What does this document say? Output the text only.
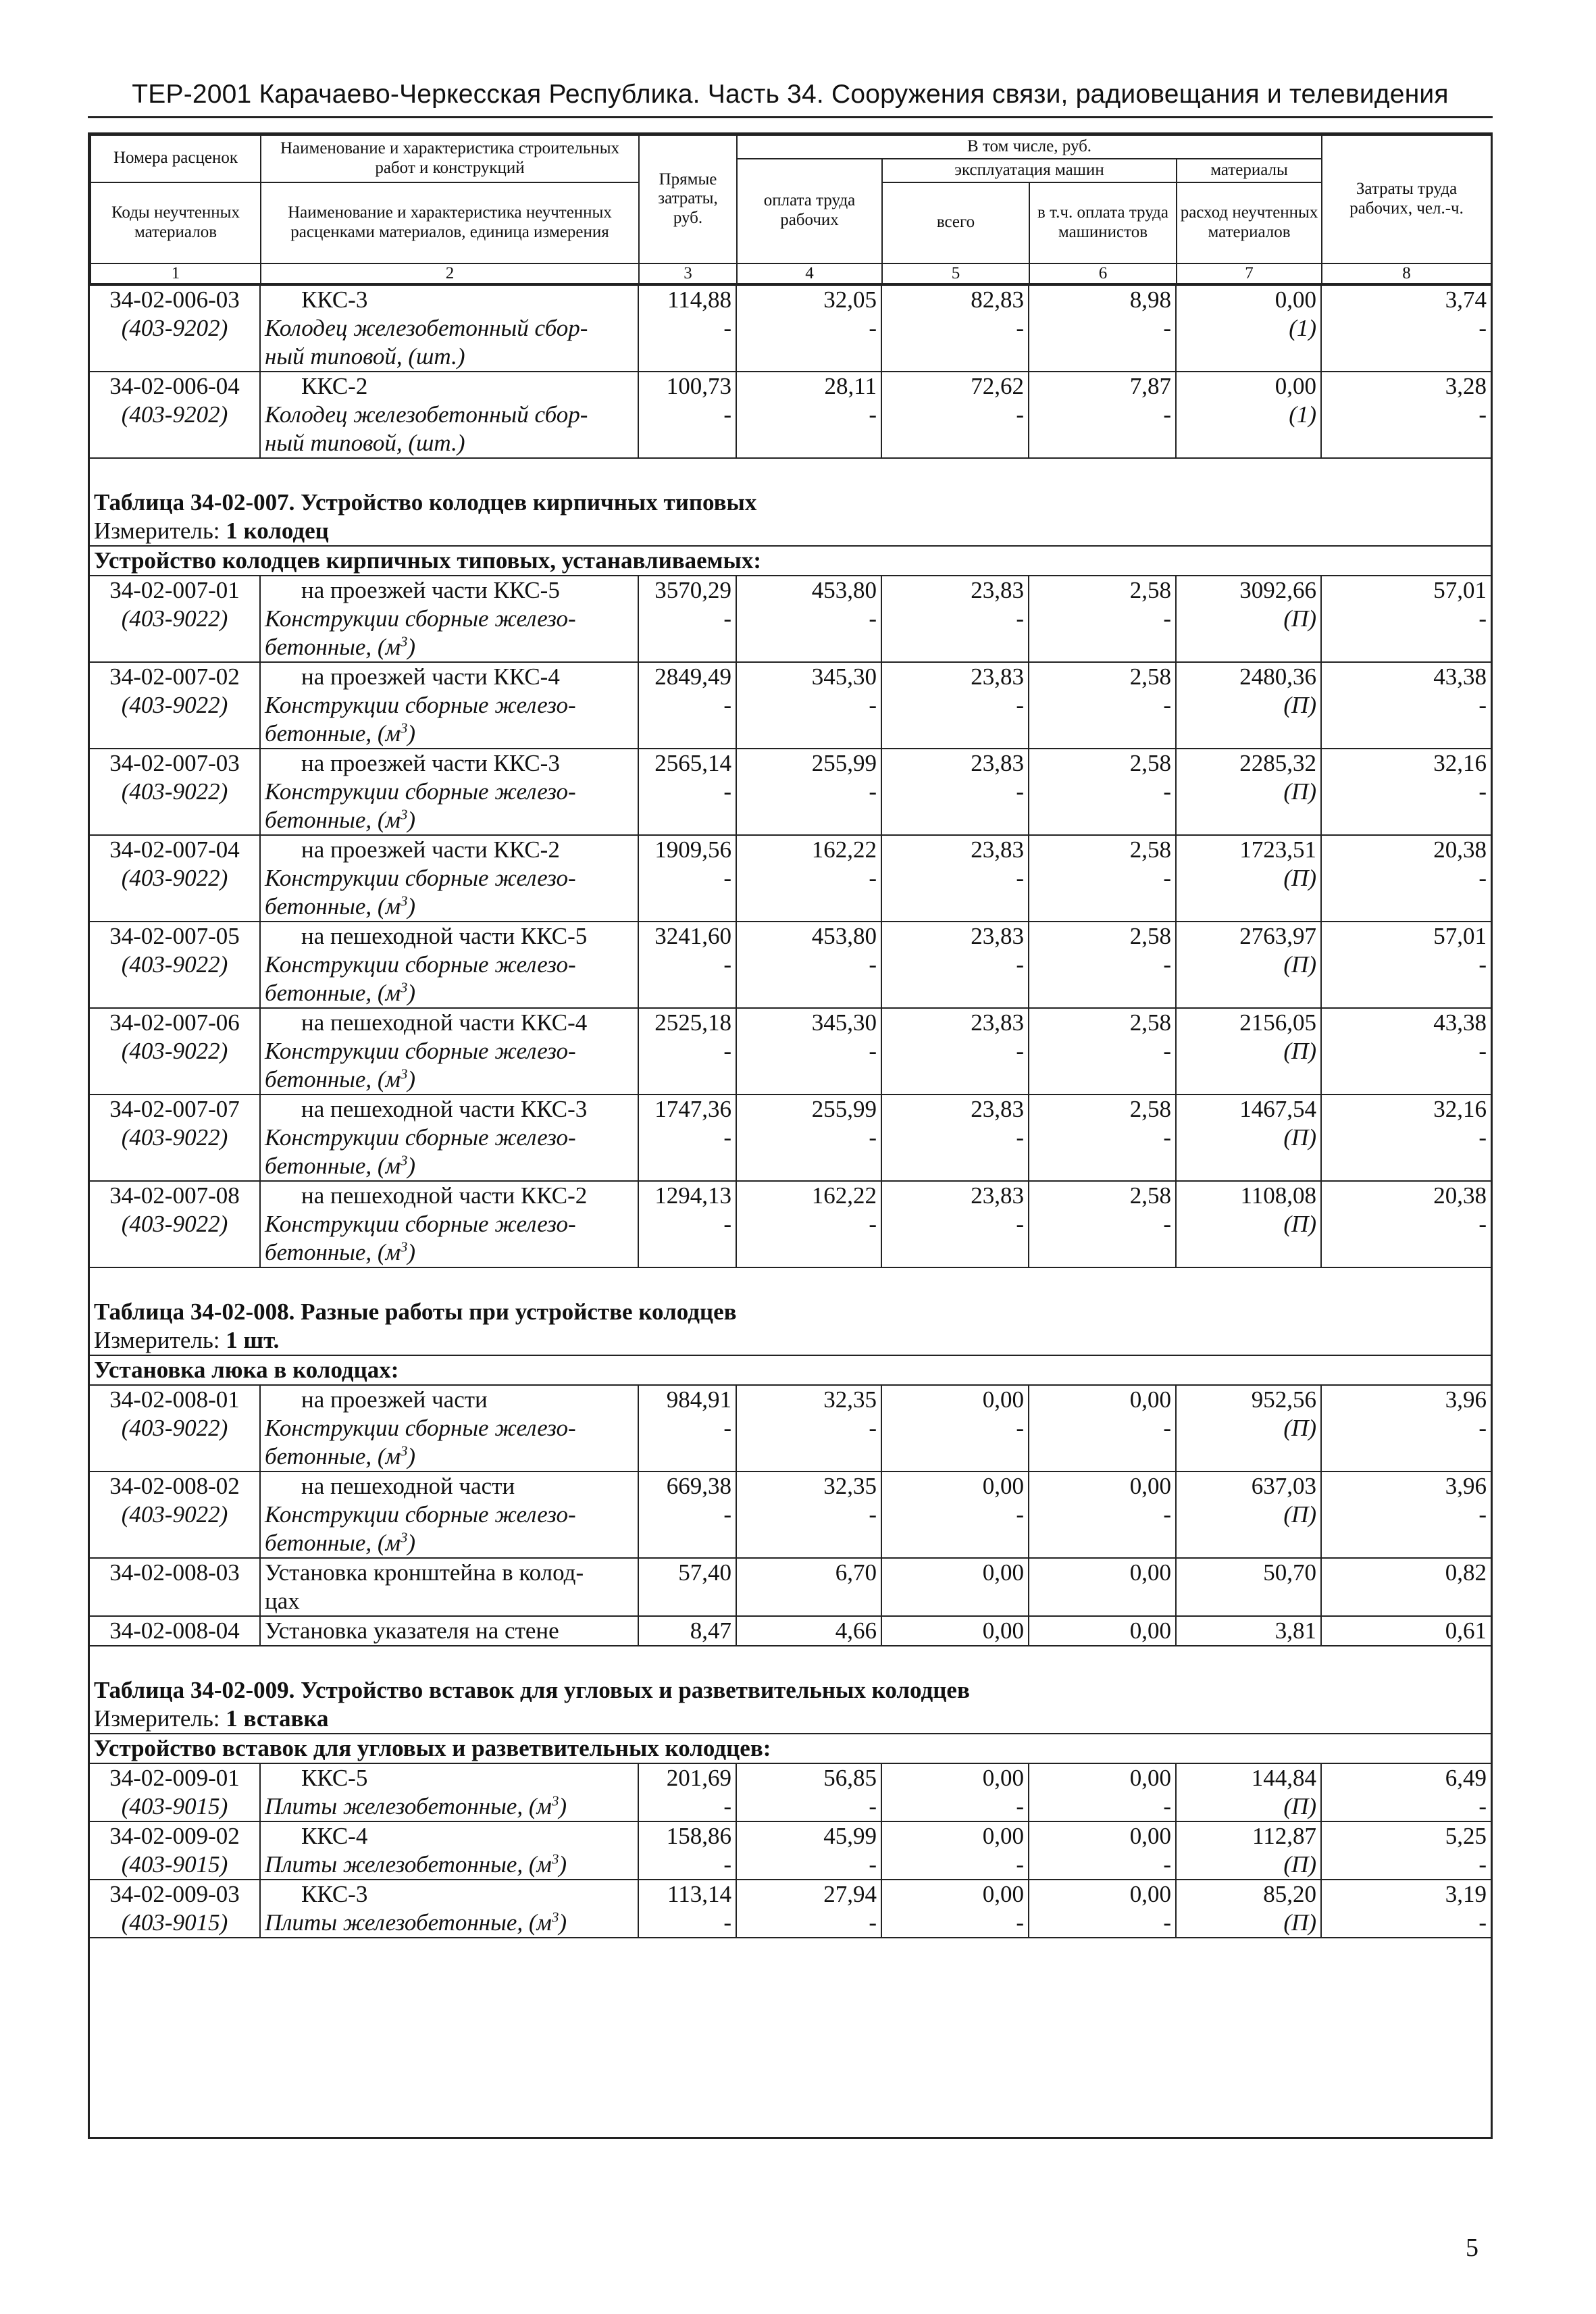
ТЕР-2001 Карачаево-Черкесская Республика. Часть 34. Сооружения связи, радиовещания и телевидения
Номера расценок	Наименование и характеристика строительных работ и конструкций	Прямые затраты, руб.	В том числе, руб.				Затраты труда рабочих, чел.-ч.
			оплата труда рабочих	эксплуатация машин		материалы	
Коды неучтенных материалов	Наименование и характеристика неучтенных расценками материалов, единица измерения			всего	в т.ч. оплата труда машинистов	расход неучтенных материалов	

1	2	3	4	5	6	7	8
34-02-006-03	ККС-3	114,88	32,05	82,83	8,98	0,00	3,74
(403-9202)	Колодец железобетонный сбор-	-	-	-	-	(1)	-
	ный типовой, (шт.)						
34-02-006-04	ККС-2	100,73	28,11	72,62	7,87	0,00	3,28
(403-9202)	Колодец железобетонный сбор-	-	-	-	-	(1)	-
	ный типовой, (шт.)						
Таблица 34-02-007. Устройство колодцев кирпичных типовых							
Измеритель: 1 колодец							
Устройство колодцев кирпичных типовых, устанавливаемых:							
34-02-007-01	на проезжей части ККС-5	3570,29	453,80	23,83	2,58	3092,66	57,01
(403-9022)	Конструкции сборные железо-	-	-	-	-	(П)	-
	бетонные, $(м^3)$						
34-02-007-02	на проезжей части ККС-4	2849,49	345,30	23,83	2,58	2480,36	43,38
(403-9022)	Конструкции сборные железо-	-	-	-	-	(П)	-
	бетонные, $(м^3)$						
34-02-007-03	на проезжей части ККС-3	2565,14	255,99	23,83	2,58	2285,32	32,16
(403-9022)	Конструкции сборные железо-	-	-	-	-	(П)	-
	бетонные, $(м^3)$						
34-02-007-04	на проезжей части ККС-2	1909,56	162,22	23,83	2,58	1723,51	20,38
(403-9022)	Конструкции сборные железо-	-	-	-	-	(П)	-
	бетонные, $(м^3)$						
34-02-007-05	на пешеходной части ККС-5	3241,60	453,80	23,83	2,58	2763,97	57,01
(403-9022)	Конструкции сборные железо-	-	-	-	-	(П)	-
	бетонные, $(м^3)$						
34-02-007-06	на пешеходной части ККС-4	2525,18	345,30	23,83	2,58	2156,05	43,38
(403-9022)	Конструкции сборные железо-	-	-	-	-	(П)	-
	бетонные, $(м^3)$						
34-02-007-07	на пешеходной части ККС-3	1747,36	255,99	23,83	2,58	1467,54	32,16
(403-9022)	Конструкции сборные железо-	-	-	-	-	(П)	-
	бетонные, $(м^3)$						
34-02-007-08	на пешеходной части ККС-2	1294,13	162,22	23,83	2,58	1108,08	20,38
(403-9022)	Конструкции сборные железо-	-	-	-	-	(П)	-
	бетонные, $(м^3)$						
Таблица 34-02-008. Разные работы при устройстве колодцев							
Измеритель: 1 шт.							
Установка люка в колодцах:							
34-02-008-01	на проезжей части	984,91	32,35	0,00	0,00	952,56	3,96
(403-9022)	Конструкции сборные железо-	-	-	-	-	(П)	-
	бетонные, $(м^3)$						
34-02-008-02	на пешеходной части	669,38	32,35	0,00	0,00	637,03	3,96
(403-9022)	Конструкции сборные железо-	-	-	-	-	(П)	-
	бетонные, $(м^3)$						
34-02-008-03	Установка кронштейна в колод-	57,40	6,70	0,00	0,00	50,70	0,82
	цах						
34-02-008-04	Установка указателя на стене	8,47	4,66	0,00	0,00	3,81	0,61
Таблица 34-02-009. Устройство вставок для угловых и разветвительных колодцев							
Измеритель: 1 вставка							
Устройство вставок для угловых и разветвительных колодцев:							
34-02-009-01	ККС-5	201,69	56,85	0,00	0,00	144,84	6,49
(403-9015)	Плиты железобетонные, $(м^3)$	-	-	-	-	(П)	-
34-02-009-02	ККС-4	158,86	45,99	0,00	0,00	112,87	5,25
(403-9015)	Плиты железобетонные, $(м^3)$	-	-	-	-	(П)	-
34-02-009-03	ККС-3	113,14	27,94	0,00	0,00	85,20	3,19
(403-9015)	Плиты железобетонные, $(м^3)$	-	-	-	-	(П)	-
5
